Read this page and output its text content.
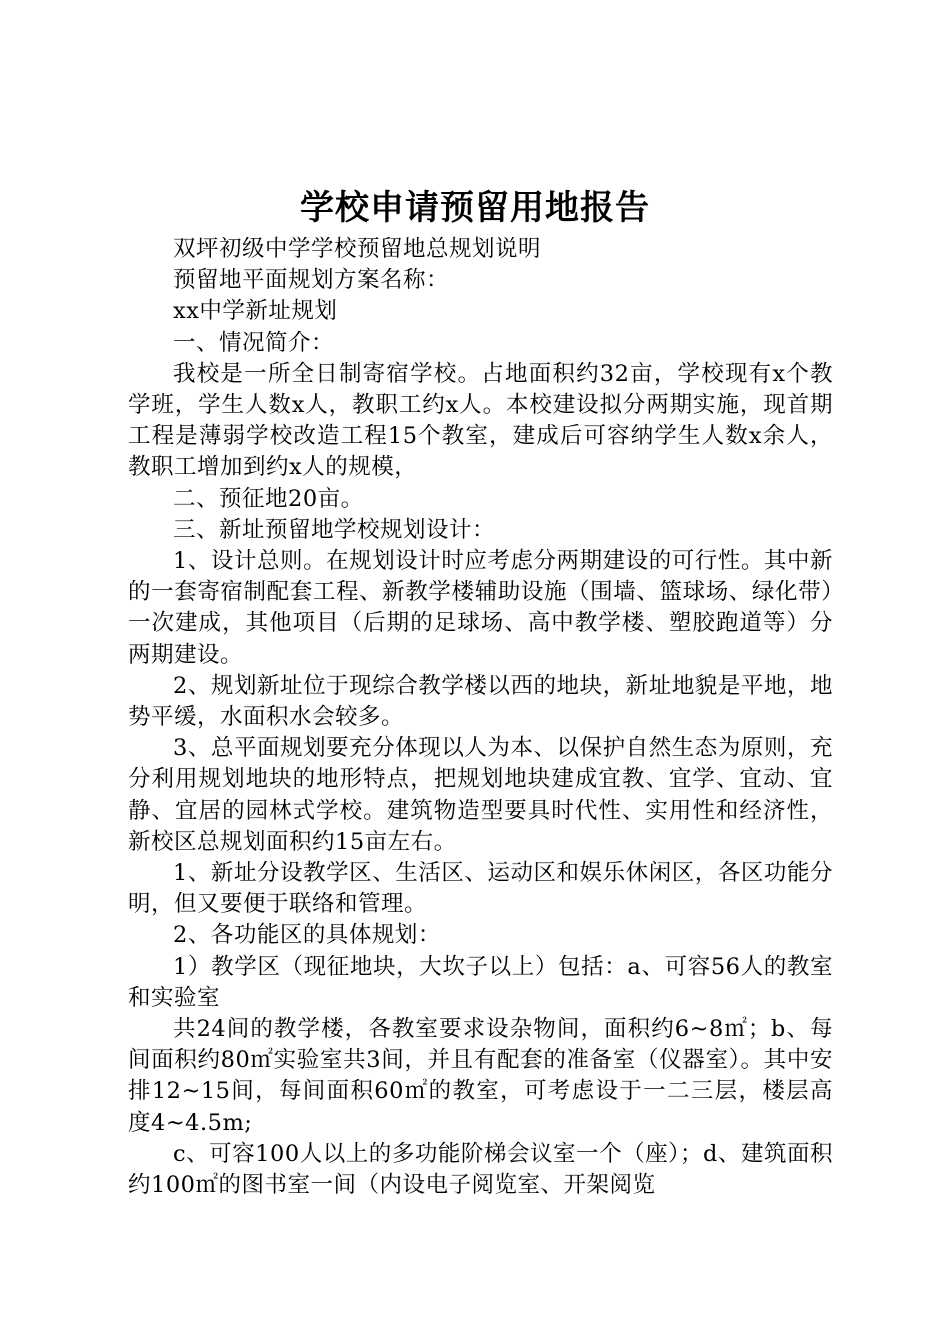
学校申请预留用地报告

双坪初级中学学校预留地总规划说明

预留地平面规划方案名称：

xx中学新址规划

一、情况简介：

我校是一所全日制寄宿学校。占地面积约32亩，学校现有x个教学班，学生人数x人，教职工约x人。本校建设拟分两期实施，现首期工程是薄弱学校改造工程15个教室，建成后可容纳学生人数x余人，教职工增加到约x人的规模，

二、预征地20亩。

三、新址预留地学校规划设计：

1、设计总则。在规划设计时应考虑分两期建设的可行性。其中新的一套寄宿制配套工程、新教学楼辅助设施（围墙、篮球场、绿化带）一次建成，其他项目（后期的足球场、高中教学楼、塑胶跑道等）分两期建设。

2、规划新址位于现综合教学楼以西的地块，新址地貌是平地，地势平缓，水面积水会较多。

3、总平面规划要充分体现以人为本、以保护自然生态为原则，充分利用规划地块的地形特点，把规划地块建成宜教、宜学、宜动、宜静、宜居的园林式学校。建筑物造型要具时代性、实用性和经济性，新校区总规划面积约15亩左右。

1、新址分设教学区、生活区、运动区和娱乐休闲区，各区功能分明，但又要便于联络和管理。

2、各功能区的具体规划：

1）教学区（现征地块，大坎子以上）包括：a、可容56人的教室和实验室

共24间的教学楼，各教室要求设杂物间，面积约6~8㎡；b、每间面积约80㎡实验室共3间，并且有配套的准备室（仪器室）。其中安排12~15间，每间面积60㎡的教室，可考虑设于一二三层，楼层高度4~4.5m;

c、可容100人以上的多功能阶梯会议室一个（座）；d、建筑面积约100㎡的图书室一间（内设电子阅览室、开架阅览
